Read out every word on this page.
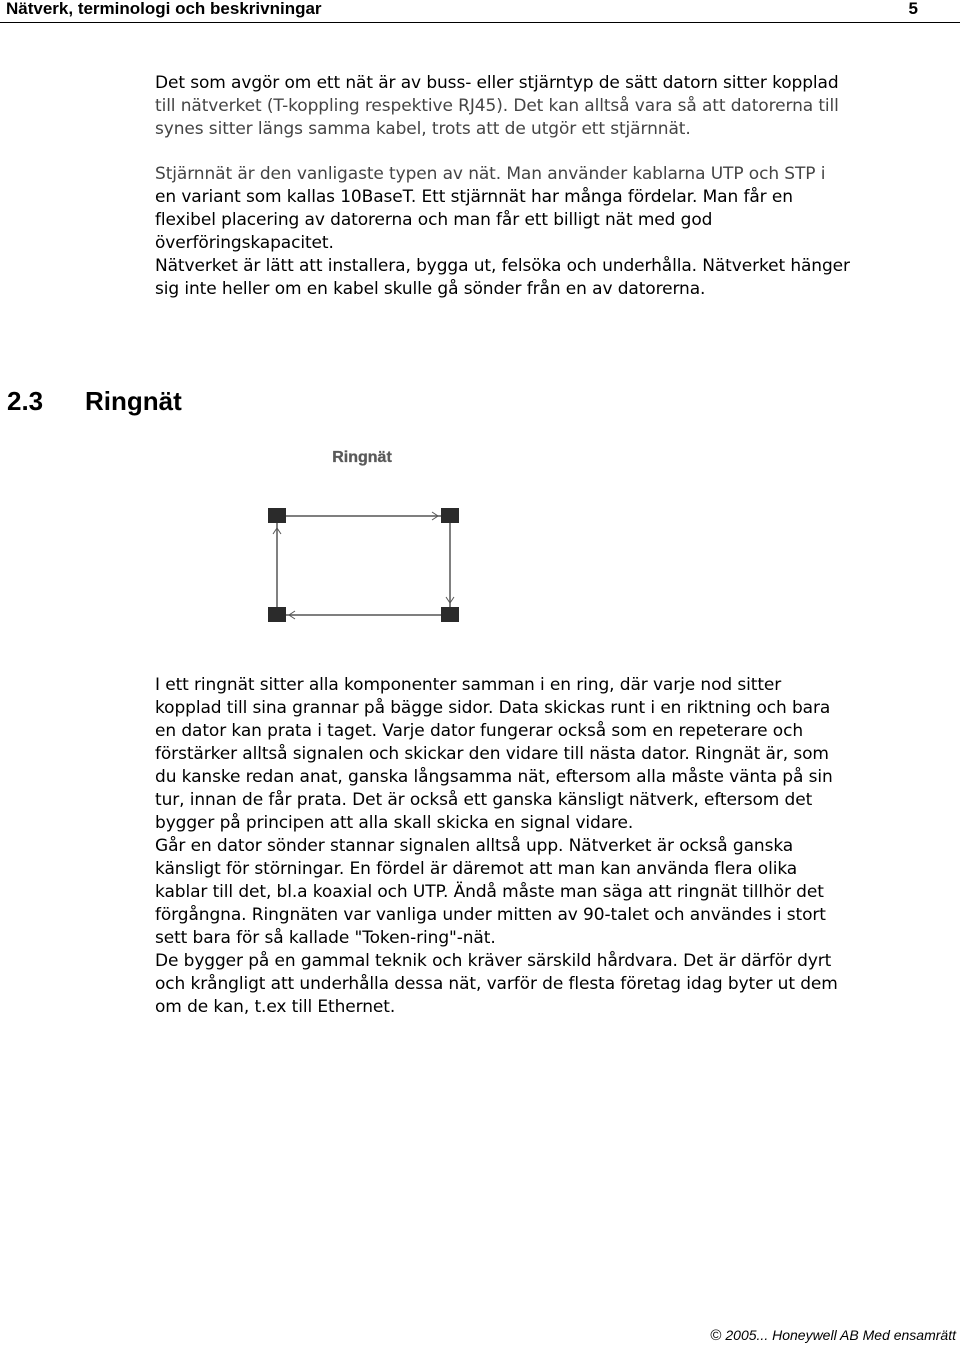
Nätverk, terminologi och beskrivningar	5

Det som avgör om ett nät är av buss- eller stjärntyp de sätt datorn sitter kopplad

till nätverket (T-koppling respektive RJ45). Det kan alltså vara så att datorerna till

synes sitter längs samma kabel, trots att de utgör ett stjärnnät.

Stjärnnät är den vanligaste typen av nät. Man använder kablarna UTP och STP i

en variant som kallas 10BaseT. Ett stjärnnät har många fördelar. Man får en

flexibel placering av datorerna och man får ett billigt nät med god

överföringskapacitet.

Nätverket är lätt att installera, bygga ut, felsöka och underhålla. Nätverket hänger

sig inte heller om en kabel skulle gå sönder från en av datorerna.

2.3 Ringnät
Ringnät

I ett ringnät sitter alla komponenter samman i en ring, där varje nod sitter

kopplad till sina grannar på bägge sidor. Data skickas runt i en riktning och bara

en dator kan prata i taget. Varje dator fungerar också som en repeterare och

förstärker alltså signalen och skickar den vidare till nästa dator. Ringnät är, som

du kanske redan anat, ganska långsamma nät, eftersom alla måste vänta på sin

tur, innan de får prata. Det är också ett ganska känsligt nätverk, eftersom det

bygger på principen att alla skall skicka en signal vidare.

Går en dator sönder stannar signalen alltså upp. Nätverket är också ganska

känsligt för störningar. En fördel är däremot att man kan använda flera olika

kablar till det, bl.a koaxial och UTP. Ändå måste man säga att ringnät tillhör det

förgångna. Ringnäten var vanliga under mitten av 90-talet och användes i stort

sett bara för så kallade "Token-ring"-nät.

De bygger på en gammal teknik och kräver särskild hårdvara. Det är därför dyrt

och krångligt att underhålla dessa nät, varför de flesta företag idag byter ut dem

om de kan, t.ex till Ethernet.

© 2005... Honeywell AB Med ensamrätt
